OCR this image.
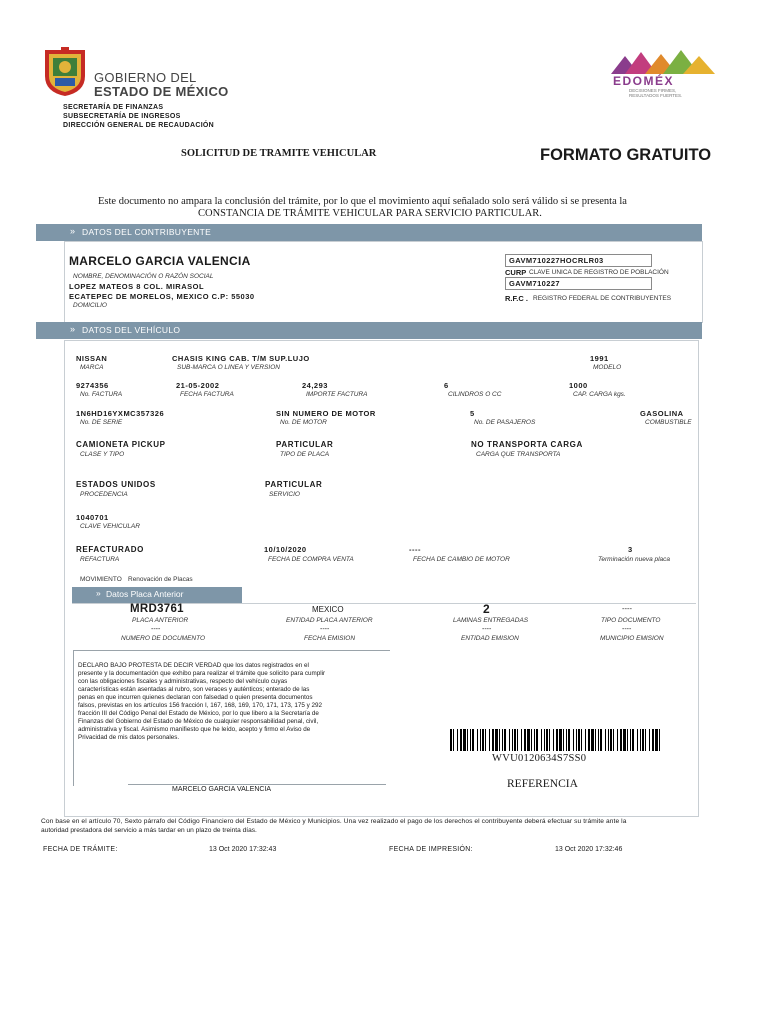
GOBIERNO DEL
ESTADO DE MÉXICO
SECRETARÍA DE FINANZAS
SUBSECRETARÍA DE INGRESOS
DIRECCIÓN GENERAL DE RECAUDACIÓN
EDOMÉX
DECISIONES FIRMES,
RESULTADOS FUERTES.
SOLICITUD DE TRAMITE VEHICULAR	FORMATO GRATUITO
Este documento no ampara la conclusión del trámite, por lo que el movimiento aquí señalado solo será válido si se presenta la
CONSTANCIA DE TRÁMITE VEHICULAR PARA SERVICIO PARTICULAR.
» DATOS DEL CONTRIBUYENTE
MARCELO GARCIA VALENCIA
NOMBRE, DENOMINACIÓN O RAZÓN SOCIAL
LOPEZ MATEOS 8 COL. MIRASOL
ECATEPEC DE MORELOS, MEXICO C.P: 55030
DOMICILIO
GAVM710227HOCRLR03
CURP CLAVE UNICA DE REGISTRO DE POBLACIÓN
GAVM710227
R.F.C . REGISTRO FEDERAL DE CONTRIBUYENTES
» DATOS DEL VEHÍCULO
NISSAN
MARCA
CHASIS KING CAB. T/M SUP.LUJO
SUB-MARCA O LINEA Y VERSION
1991
MODELO
9274356
No. FACTURA
21-05-2002
FECHA FACTURA
24,293
IMPORTE FACTURA
6
CILINDROS O CC
1000
CAP. CARGA kgs.
1N6HD16YXMC357326
No. DE SERIE
SIN NUMERO DE MOTOR
No. DE MOTOR
5
No. DE PASAJEROS
GASOLINA
COMBUSTIBLE
CAMIONETA PICKUP
CLASE Y TIPO
PARTICULAR
TIPO DE PLACA
NO TRANSPORTA CARGA
CARGA QUE TRANSPORTA
ESTADOS UNIDOS
PROCEDENCIA
PARTICULAR
SERVICIO
1040701
CLAVE VEHICULAR
REFACTURADO
REFACTURA
10/10/2020
FECHA DE COMPRA VENTA
----
FECHA DE CAMBIO DE MOTOR
3
Terminación nueva placa
MOVIMIENTO Renovación de Placas
» Datos Placa Anterior
MRD3761
PLACA ANTERIOR
MEXICO
ENTIDAD PLACA ANTERIOR
2
LAMINAS ENTREGADAS
----
TIPO DOCUMENTO
----
NUMERO DE DOCUMENTO
----
FECHA EMISION
----
ENTIDAD EMISION
----
MUNICIPIO EMISION
DECLARO BAJO PROTESTA DE DECIR VERDAD que los datos registrados en el
presente y la documentación que exhibo para realizar el trámite que solicito para cumplir
con las obligaciones fiscales y administrativas, respecto del vehículo cuyas
características están asentadas al rubro, son veraces y auténticos; enterado de las
penas en que incurren quienes declaran con falsedad o quien presenta documentos
falsos, previstas en los artículos 156 fracción I, 167, 168, 169, 170, 171, 173, 175 y 292
fracción III del Código Penal del Estado de México, por lo que libero a la Secretaría de
Finanzas del Gobierno del Estado de México de cualquier responsabilidad penal, civil,
administrativa y fiscal. Asimismo manifiesto que he leído, acepto y firmo el Aviso de
Privacidad de mis datos personales.
MARCELO GARCIA VALENCIA
WVU0120634S7SS0
REFERENCIA
Con base en el artículo 70, Sexto párrafo del Código Financiero del Estado de México y Municipios. Una vez realizado el pago de los derechos el contribuyente deberá efectuar su trámite ante la
autoridad prestadora del servicio a más tardar en un plazo de treinta días.
FECHA DE TRÁMITE:	13 Oct 2020 17:32:43	FECHA DE IMPRESIÓN:	13 Oct 2020 17:32:46
